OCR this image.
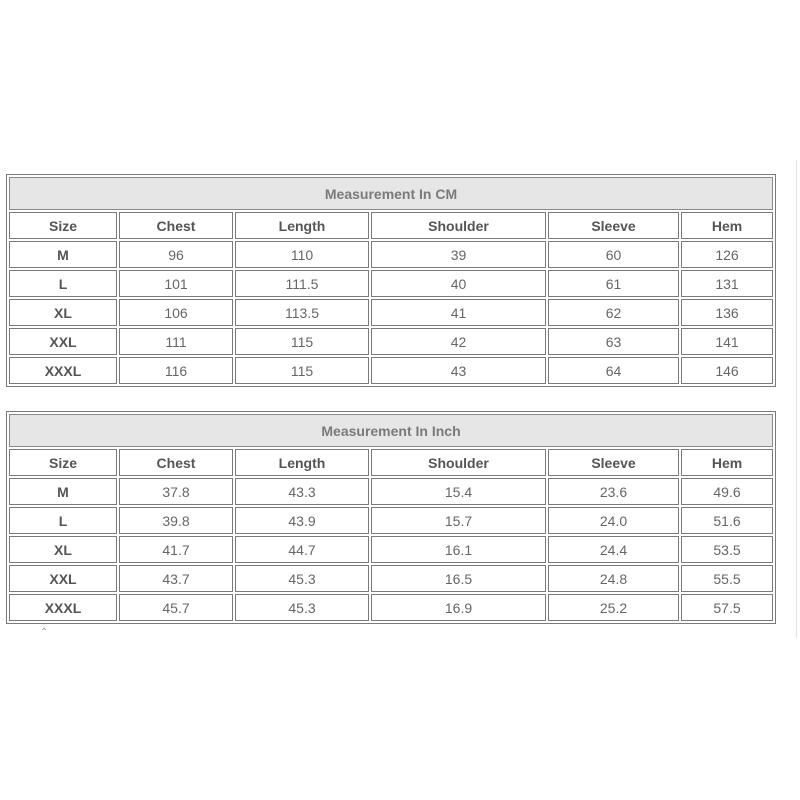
Measurement In CM					
Size	Chest	Length	Shoulder	Sleeve	Hem
M	96	110	39	60	126
L	101	111.5	40	61	131
XL	106	113.5	41	62	136
XXL	111	115	42	63	141
XXXL	116	115	43	64	146
Measurement In Inch					
Size	Chest	Length	Shoulder	Sleeve	Hem
M	37.8	43.3	15.4	23.6	49.6
L	39.8	43.9	15.7	24.0	51.6
XL	41.7	44.7	16.1	24.4	53.5
XXL	43.7	45.3	16.5	24.8	55.5
XXXL	45.7	45.3	16.9	25.2	57.5
⌃
